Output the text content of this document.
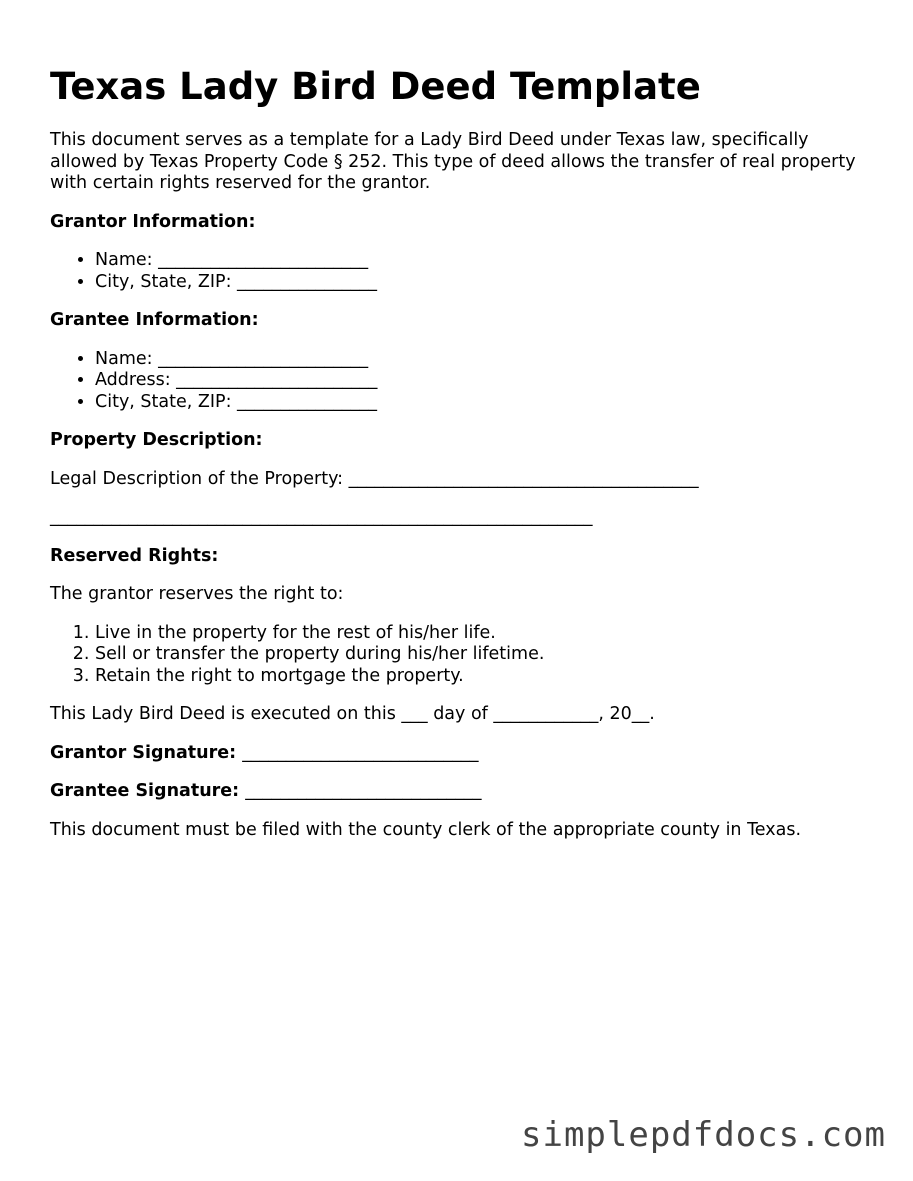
Texas Lady Bird Deed Template

This document serves as a template for a Lady Bird Deed under Texas law, specifically allowed by Texas Property Code § 252. This type of deed allows the transfer of real property with certain rights reserved for the grantor.

Grantor Information:

• Name: ________________________
• City, State, ZIP: ________________

Grantee Information:

• Name: ________________________
• Address: _______________________
• City, State, ZIP: ________________

Property Description:

Legal Description of the Property: ________________________________________

______________________________________________________________

Reserved Rights:

The grantor reserves the right to:

1. Live in the property for the rest of his/her life.
2. Sell or transfer the property during his/her lifetime.
3. Retain the right to mortgage the property.

This Lady Bird Deed is executed on this ___ day of ____________, 20__.

Grantor Signature: ___________________________

Grantee Signature: ___________________________

This document must be filed with the county clerk of the appropriate county in Texas.

simplepdfdocs.com
